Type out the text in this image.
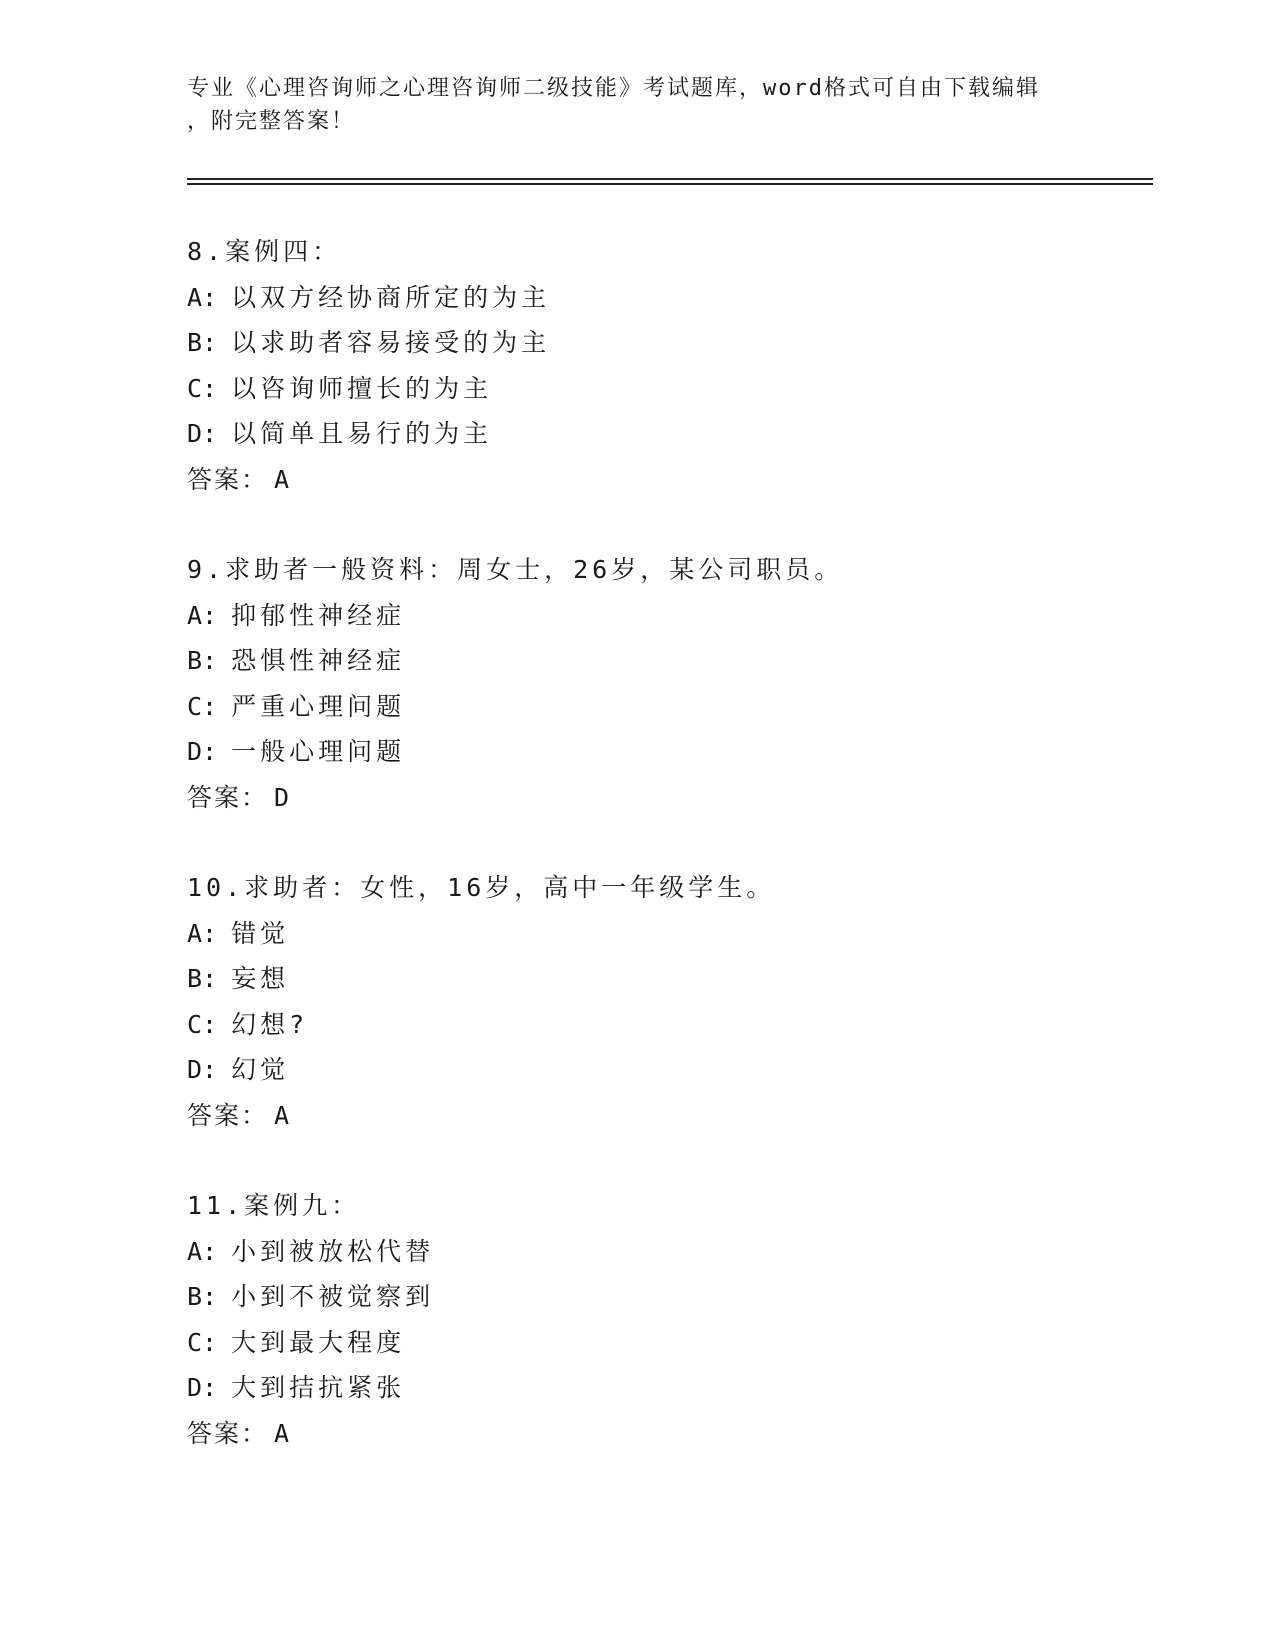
专业《心理咨询师之心理咨询师二级技能》考试题库，word格式可自由下载编辑
，附完整答案！
8.案例四：
A: 以双方经协商所定的为主
B: 以求助者容易接受的为主
C: 以咨询师擅长的为主
D: 以简单且易行的为主
答案： A
9.求助者一般资料：周女士，26岁，某公司职员。
A: 抑郁性神经症
B: 恐惧性神经症
C: 严重心理问题
D: 一般心理问题
答案： D
10.求助者：女性，16岁，高中一年级学生。
A: 错觉
B: 妄想
C: 幻想?
D: 幻觉
答案： A
11.案例九：
A: 小到被放松代替
B: 小到不被觉察到
C: 大到最大程度
D: 大到拮抗紧张
答案： A
